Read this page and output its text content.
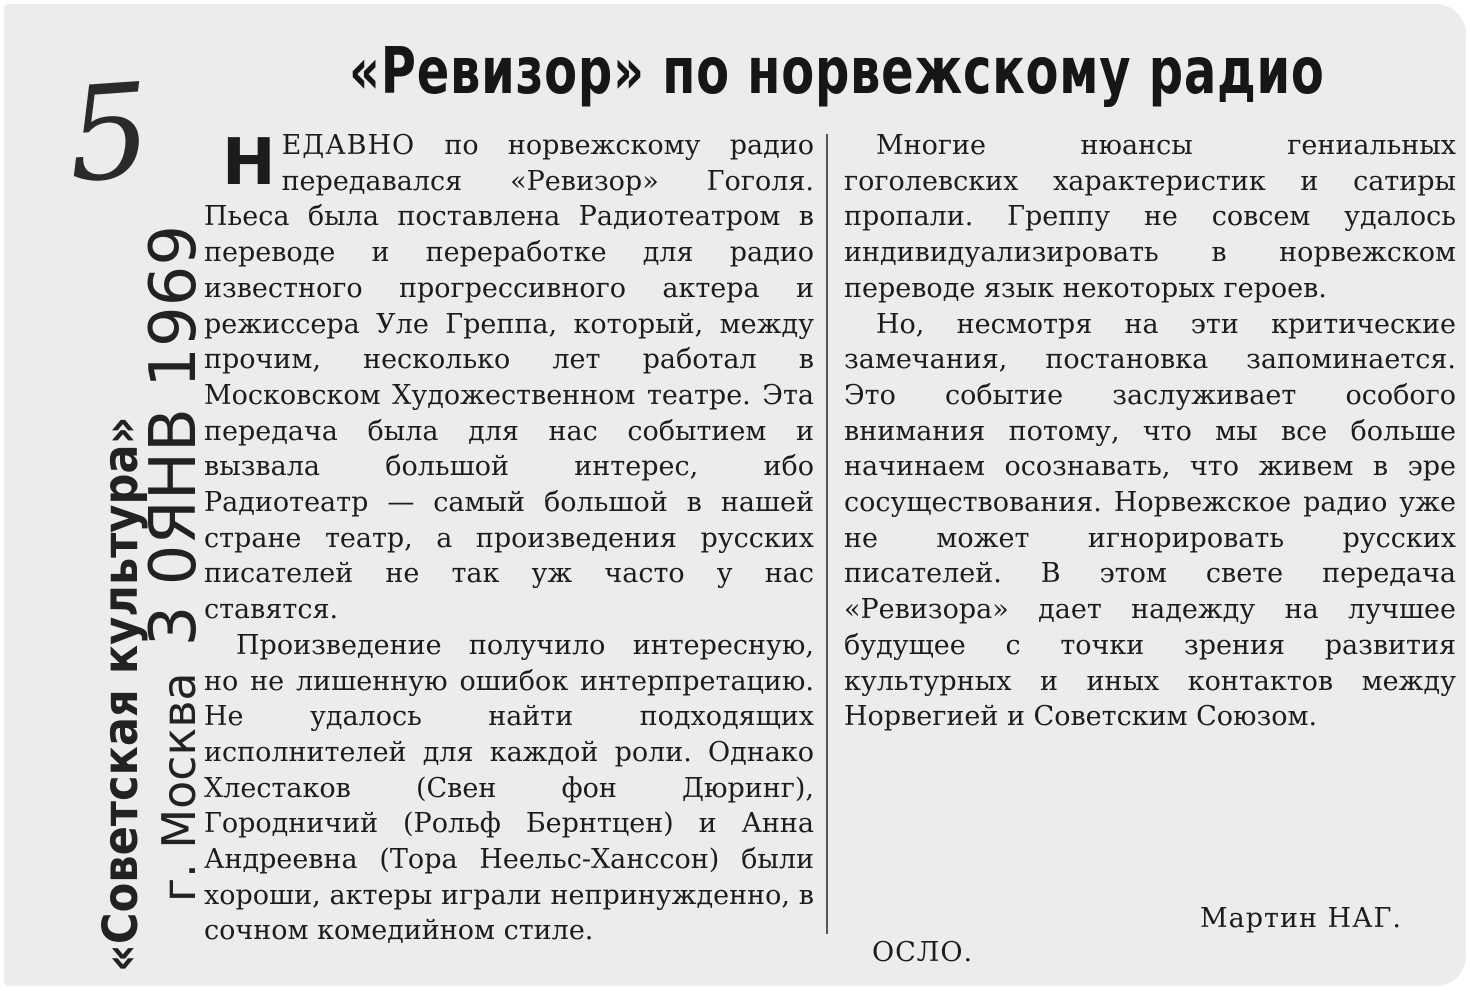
5	«Ревизор» по норвежскому радио
«Советская культура» г. Москва3 0ЯНВ 1969

НЕДАВНО по норвежскому радио передавался «Ревизор» Гоголя. Пьеса была поставлена Радиотеатром в переводе и переработке для радио известного прогрессивного актера и режиссера Уле Греппа, который, между прочим, несколько лет работал в Московском Художественном театре. Эта передача была для нас событием и вызвала большой интерес, ибо Радиотеатр — самый большой в нашей стране театр, а произведения русских писателей не так уж часто у нас ставятся.

Произведение получило интересную, но не лишенную ошибок интерпретацию. Не удалось найти подходящих исполнителей для каждой роли. Однако Хлестаков (Свен фон Дюринг), Городничий (Рольф Бернтцен) и Анна Андреевна (Тора Неельс-Ханссон) были хороши, актеры играли непринужденно, в сочном комедийном стиле.

Многие нюансы гениальных гоголевских характеристик и сатиры пропали. Греппу не совсем удалось индивидуализировать в норвежском переводе язык некоторых героев.

Но, несмотря на эти критические замечания, постановка запоминается. Это событие заслуживает особого внимания потому, что мы все больше начинаем осознавать, что живем в эре сосуществования. Норвежское радио уже не может игнорировать русских писателей. В этом свете передача «Ревизора» дает надежду на лучшее будущее с точки зрения развития культурных и иных контактов между Норвегией и Советским Союзом.

Мартин НАГ.
ОСЛО.
